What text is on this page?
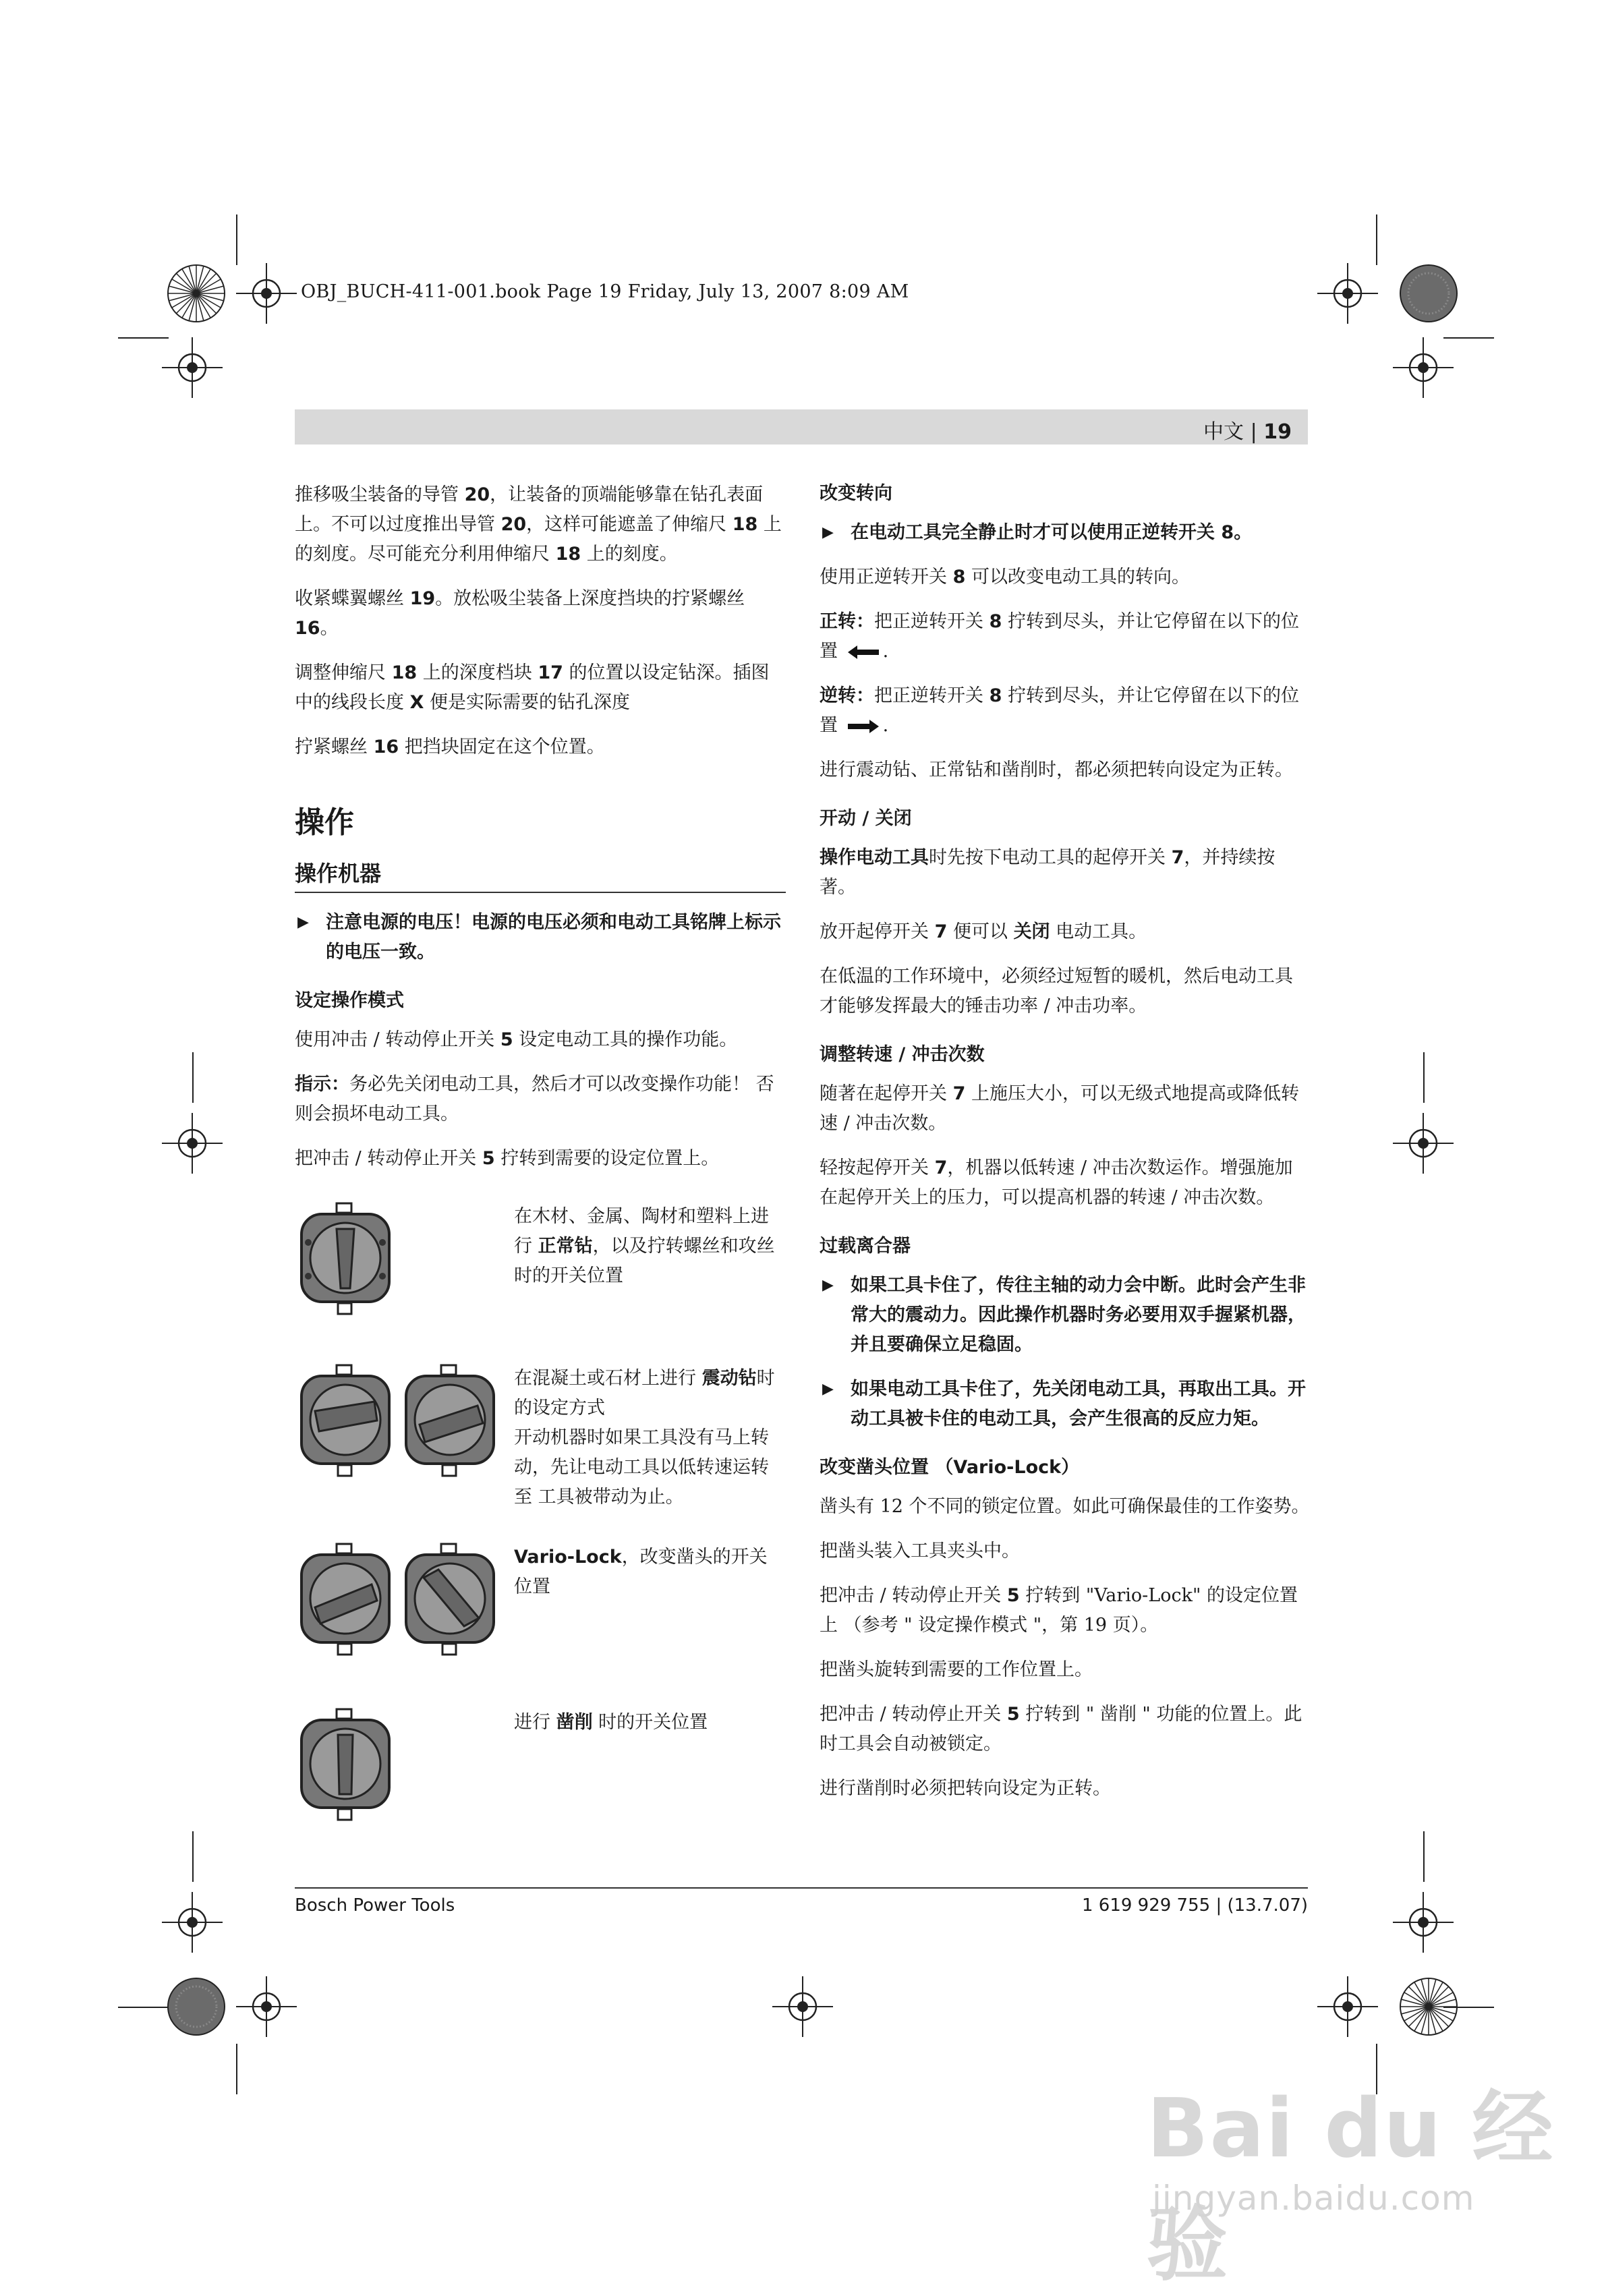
OBJ_BUCH-411-001.book Page 19 Friday, July 13, 2007 8:09 AM
中文 | 19

推移吸尘装备的导管 20，让装备的顶端能够靠在钻孔表面上。不可以过度推出导管 20，这样可能遮盖了伸缩尺 18 上的刻度。尽可能充分利用伸缩尺 18 上的刻度。

收紧蝶翼螺丝 19。放松吸尘装备上深度挡块的拧紧螺丝 16。

调整伸缩尺 18 上的深度档块 17 的位置以设定钻深。插图中的线段长度 X 便是实际需要的钻孔深度

拧紧螺丝 16 把挡块固定在这个位置。

操作
操作机器
▶ 注意电源的电压！电源的电压必须和电动工具铭牌上标示的电压一致。
设定操作模式

使用冲击 / 转动停止开关 5 设定电动工具的操作功能。

指示：务必先关闭电动工具，然后才可以改变操作功能！ 否则会损坏电动工具。

把冲击 / 转动停止开关 5 拧转到需要的设定位置上。

在木材、金属、陶材和塑料上进行 正常钻，以及拧转螺丝和攻丝时的开关位置

在混凝土或石材上进行 震动钻时的设定方式
开动机器时如果工具没有马上转动，先让电动工具以低转速运转至 工具被带动为止。

Vario-Lock，改变凿头的开关位置

进行 凿削 时的开关位置

改变转向
▶ 在电动工具完全静止时才可以使用正逆转开关 8。

使用正逆转开关 8 可以改变电动工具的转向。

正转：把正逆转开关 8 拧转到尽头，并让它停留在以下的位置 .

逆转：把正逆转开关 8 拧转到尽头，并让它停留在以下的位置 .

进行震动钻、正常钻和凿削时，都必须把转向设定为正转。

开动 / 关闭

操作电动工具时先按下电动工具的起停开关 7，并持续按著。

放开起停开关 7 便可以 关闭 电动工具。

在低温的工作环境中，必须经过短暂的暖机，然后电动工具 才能够发挥最大的锤击功率 / 冲击功率。

调整转速 / 冲击次数

随著在起停开关 7 上施压大小，可以无级式地提高或降低转速 / 冲击次数。

轻按起停开关 7，机器以低转速 / 冲击次数运作。增强施加在起停开关上的压力，可以提高机器的转速 / 冲击次数。

过载离合器
▶ 如果工具卡住了，传往主轴的动力会中断。此时会产生非常大的震动力。因此操作机器时务必要用双手握紧机器，并且要确保立足稳固。
▶ 如果电动工具卡住了，先关闭电动工具，再取出工具。开动工具被卡住的电动工具，会产生很高的反应力矩。
改变凿头位置 （Vario-Lock）

凿头有 12 个不同的锁定位置。如此可确保最佳的工作姿势。

把凿头装入工具夹头中。

把冲击 / 转动停止开关 5 拧转到 "Vario-Lock" 的设定位置上 （参考 " 设定操作模式 "，第 19 页）。

把凿头旋转到需要的工作位置上。

把冲击 / 转动停止开关 5 拧转到 " 凿削 " 功能的位置上。此时工具会自动被锁定。

进行凿削时必须把转向设定为正转。

Bosch Power Tools	1 619 929 755 | (13.7.07)
Bai du 经验
jingyan.baidu.com
